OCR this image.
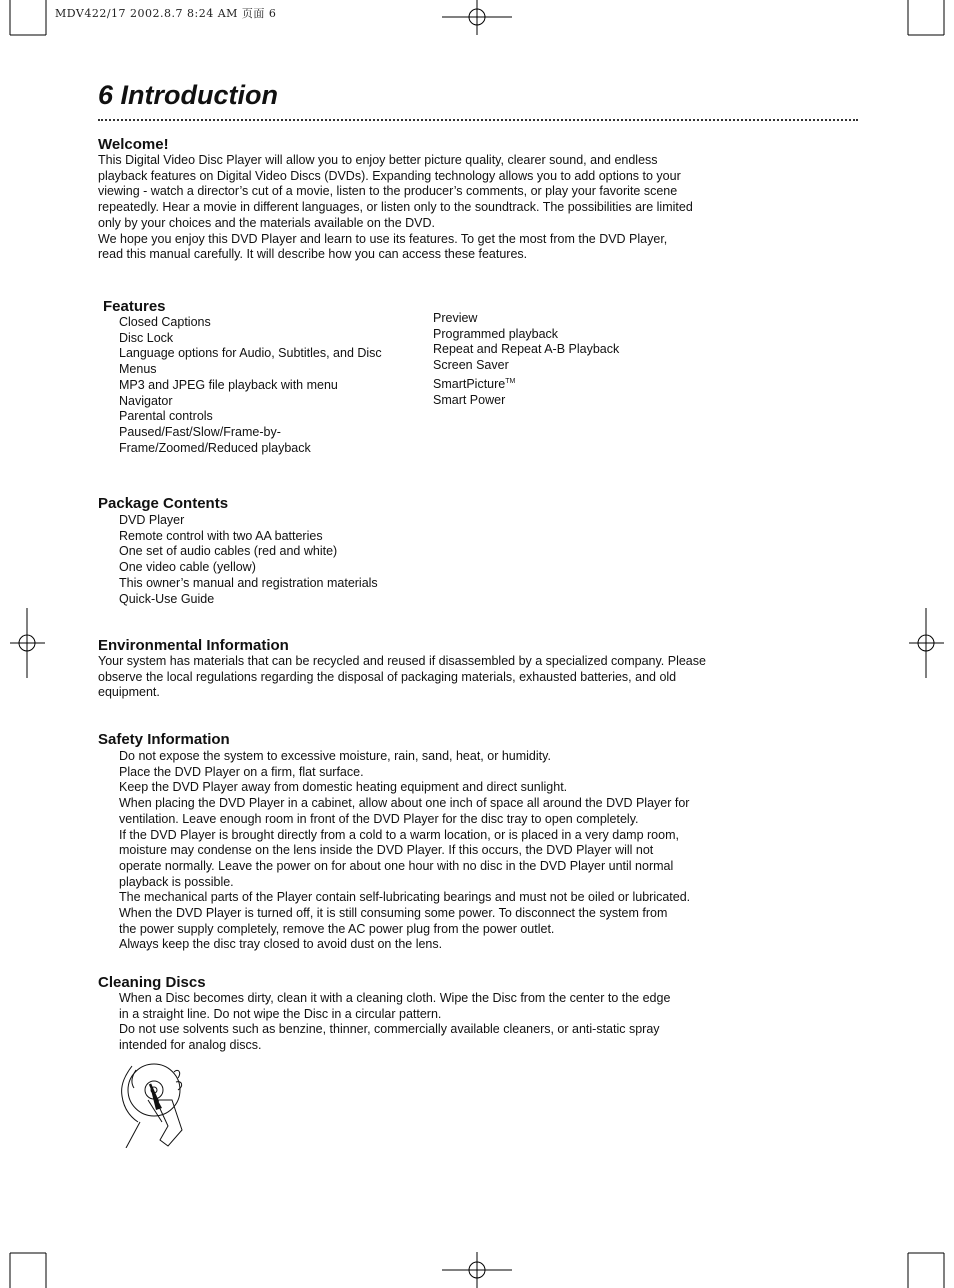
MDV422/17 2002.8.7 8:24 AM 页面 6
6 Introduction
Welcome!
This Digital Video Disc Player will allow you to enjoy better picture quality, clearer sound, and endless
playback features on Digital Video Discs (DVDs). Expanding technology allows you to add options to your
viewing - watch a director’s cut of a movie, listen to the producer’s comments, or play your favorite scene
repeatedly. Hear a movie in different languages, or listen only to the soundtrack. The possibilities are limited
only by your choices and the materials available on the DVD.
We hope you enjoy this DVD Player and learn to use its features. To get the most from the DVD Player,
read this manual carefully. It will describe how you can access these features.
Features
Closed Captions
Disc Lock
Language options for Audio, Subtitles, and Disc
Menus
MP3 and JPEG file playback with menu
Navigator
Parental controls
Paused/Fast/Slow/Frame-by-
Frame/Zoomed/Reduced playback
Preview
Programmed playback
Repeat and Repeat A-B Playback
Screen Saver
SmartPicture™
Smart Power
Package Contents
DVD Player
Remote control with two AA batteries
One set of audio cables (red and white)
One video cable (yellow)
This owner’s manual and registration materials
Quick-Use Guide
Environmental Information
Your system has materials that can be recycled and reused if disassembled by a specialized company. Please
observe the local regulations regarding the disposal of packaging materials, exhausted batteries, and old
equipment.
Safety Information
Do not expose the system to excessive moisture, rain, sand, heat, or humidity.
Place the DVD Player on a firm, flat surface.
Keep the DVD Player away from domestic heating equipment and direct sunlight.
When placing the DVD Player in a cabinet, allow about one inch of space all around the DVD Player for
ventilation. Leave enough room in front of the DVD Player for the disc tray to open completely.
If the DVD Player is brought directly from a cold to a warm location, or is placed in a very damp room,
moisture may condense on the lens inside the DVD Player. If this occurs, the DVD Player will not
operate normally. Leave the power on for about one hour with no disc in the DVD Player until normal
playback is possible.
The mechanical parts of the Player contain self-lubricating bearings and must not be oiled or lubricated.
When the DVD Player is turned off, it is still consuming some power. To disconnect the system from
the power supply completely, remove the AC power plug from the power outlet.
Always keep the disc tray closed to avoid dust on the lens.
Cleaning Discs
When a Disc becomes dirty, clean it with a cleaning cloth. Wipe the Disc from the center to the edge
in a straight line. Do not wipe the Disc in a circular pattern.
Do not use solvents such as benzine, thinner, commercially available cleaners, or anti-static spray
intended for analog discs.
